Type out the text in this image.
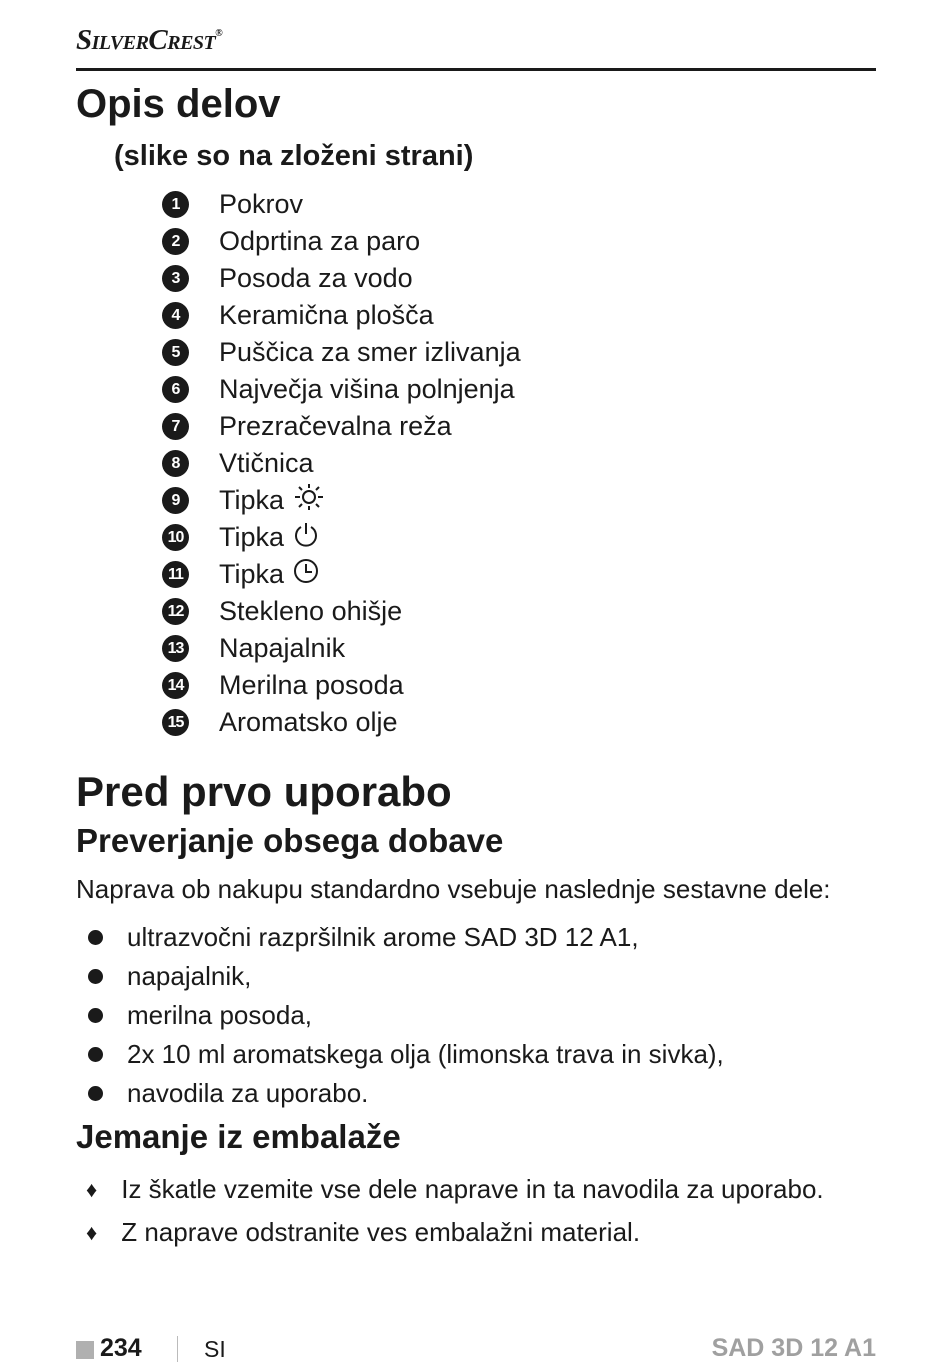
SilverCrest®
Opis delov
(slike so na zloženi strani)
1	Pokrov
2	Odprtina za paro
3	Posoda za vodo
4	Keramična plošča
5	Puščica za smer izlivanja
6	Največja višina polnjenja
7	Prezračevalna reža
8	Vtičnica
9	Tipka
10 Tipka
11 Tipka
12 Stekleno ohišje
13 Napajalnik
14 Merilna posoda
15 Aromatsko olje
Pred prvo uporabo
Preverjanje obsega dobave

Naprava ob nakupu standardno vsebuje naslednje sestavne dele:

ultrazvočni razpršilnik arome SAD 3D 12 A1,
napajalnik,
merilna posoda,
2x 10 ml aromatskega olja (limonska trava in sivka),
navodila za uporabo.
Jemanje iz embalaže
♦ Iz škatle vzemite vse dele naprave in ta navodila za uporabo.
♦ Z naprave odstranite ves embalažni material.
234	SI	SAD 3D 12 A1
